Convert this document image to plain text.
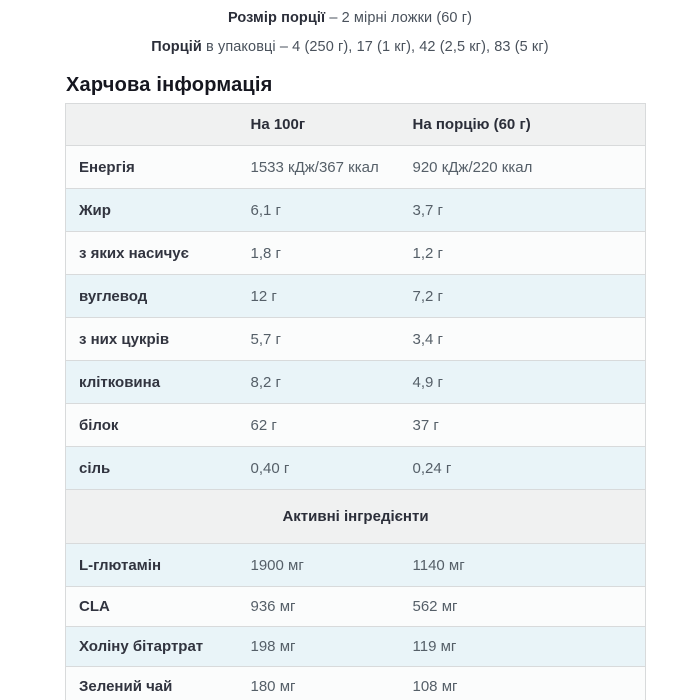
Розмір порції – 2 мірні ложки (60 г)
Порцій в упаковці – 4 (250 г), 17 (1 кг), 42 (2,5 кг), 83 (5 кг)
Харчова інформація
	На 100г	На порцію (60 г)
Енергія	1533 кДж/367 ккал	920 кДж/220 ккал
Жир	6,1 г	3,7 г
з яких насичує	1,8 г	1,2 г
вуглевод	12 г	7,2 г
з них цукрів	5,7 г	3,4 г
клітковина	8,2 г	4,9 г
білок	62 г	37 г
сіль	0,40 г	0,24 г
Активні інгредієнти		
L-глютамін	1900 мг	1140 мг
CLA	936 мг	562 мг
Холіну бітартрат	198 мг	119 мг
Зелений чай	180 мг	108 мг
